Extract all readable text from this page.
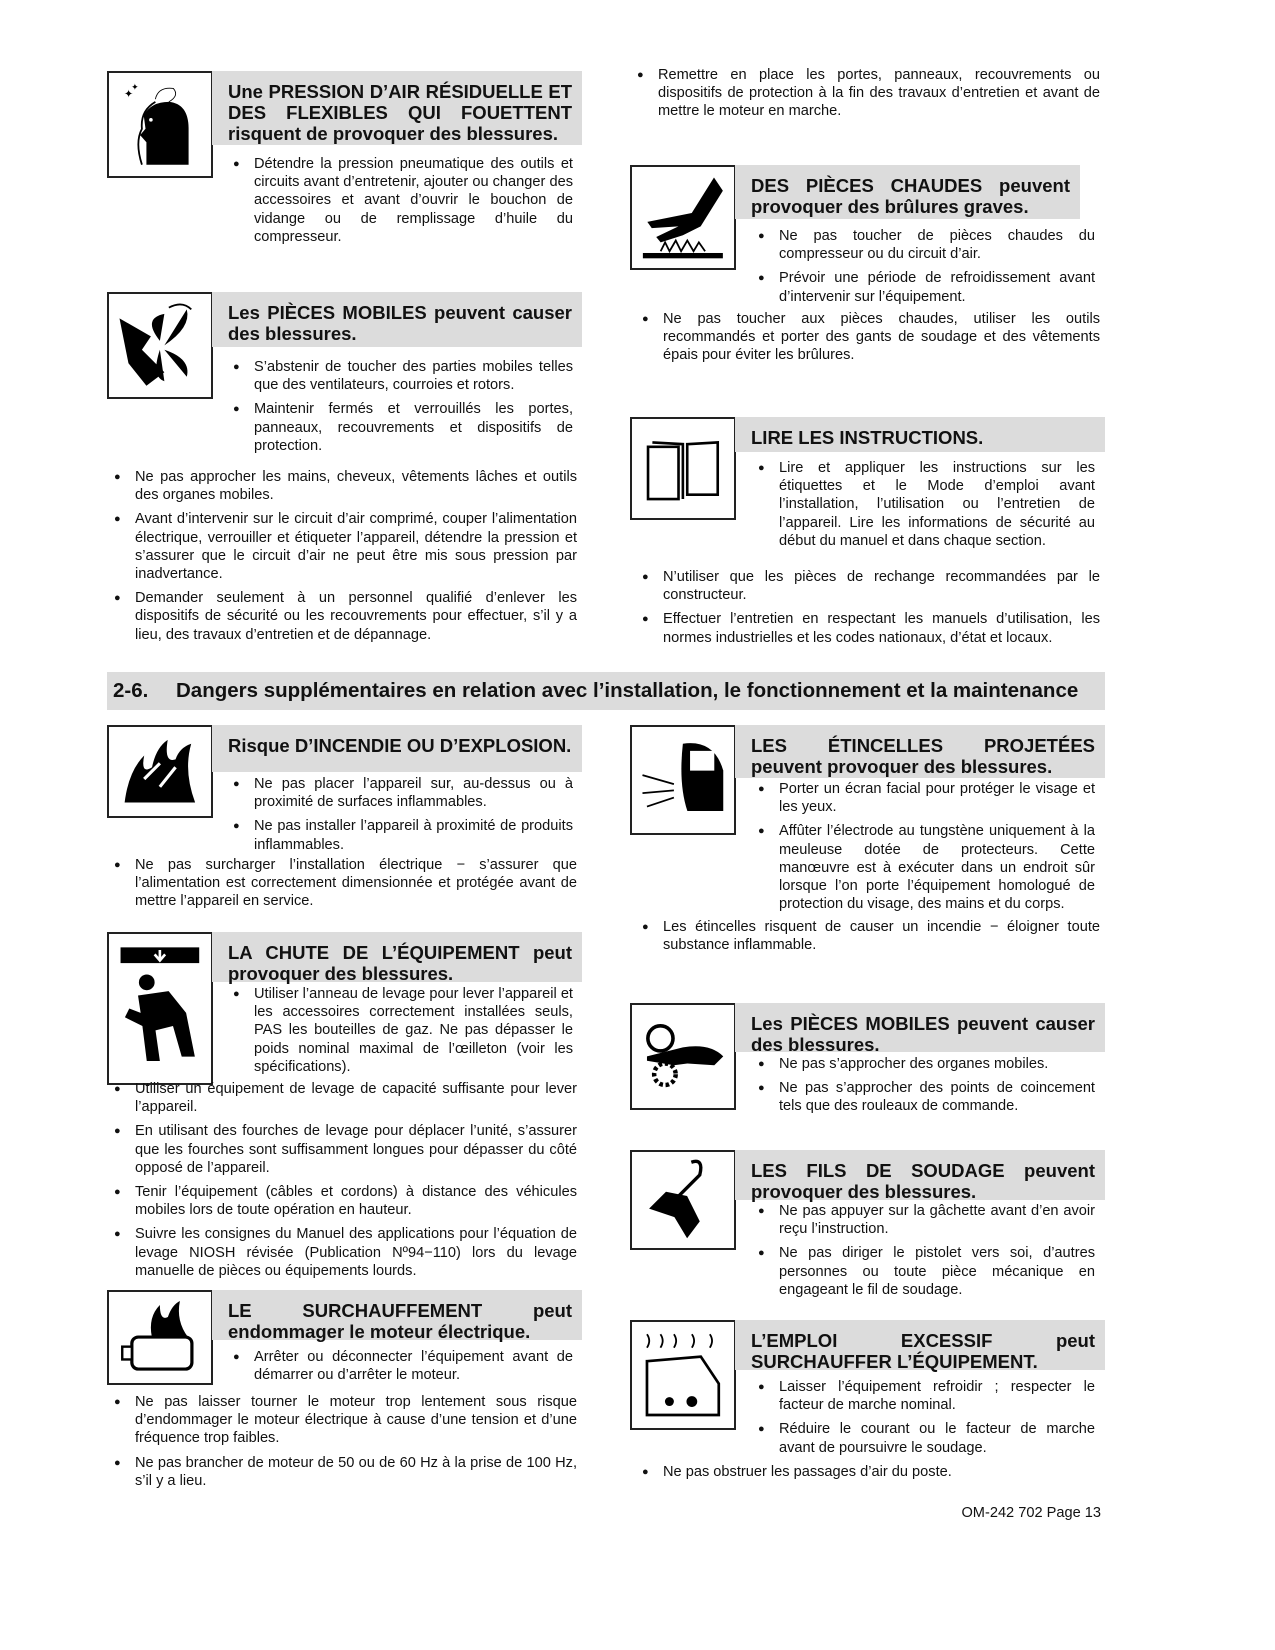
● Remettre en place les portes, panneaux, recouvrements ou dispositifs de protection à la fin des travaux d’entretien et avant de mettre le moteur en marche.
2-6. Dangers supplémentaires en relation avec l’installation, le fonctionnement et la maintenance
OM-242 702 Page 13
✦
✦	Une PRESSION D’AIR RÉSIDUELLE ET DES FLEXIBLES QUI FOUETTENT risquent de provoquer des blessures.
● Détendre la pression pneumatique des outils et circuits avant d’entretenir, ajouter ou changer des accessoires et avant d’ouvrir le bouchon de vidange ou de remplissage d’huile du compresseur.
Les PIÈCES MOBILES peuvent causer des blessures.
● S’abstenir de toucher des parties mobiles telles que des ventilateurs, courroies et rotors.
● Maintenir fermés et verrouillés les portes, panneaux, recouvrements et dispositifs de protection.
● Ne pas approcher les mains, cheveux, vêtements lâches et outils des organes mobiles.
● Avant d’intervenir sur le circuit d’air comprimé, couper l’alimentation électrique, verrouiller et étiqueter l’appareil, détendre la pression et s’assurer que le circuit d’air ne peut être mis sous pression par inadvertance.
● Demander seulement à un personnel qualifié d’enlever les dispositifs de sécurité ou les recouvrements pour effectuer, s’il y a lieu, des travaux d’entretien et de dépannage.
Risque D’INCENDIE OU D’EXPLOSION.
● Ne pas placer l’appareil sur, au-dessus ou à proximité de surfaces inflammables.
● Ne pas installer l’appareil à proximité de produits inflammables.
● Ne pas surcharger l’installation électrique − s’assurer que l’alimentation est correctement dimensionnée et protégée avant de mettre l’appareil en service.
LA CHUTE DE L’ÉQUIPEMENT peut provoquer des blessures.
● Utiliser l’anneau de levage pour lever l’appareil et les accessoires correctement installées seuls, PAS les bouteilles de gaz. Ne pas dépasser le poids nominal maximal de l’œilleton (voir les spécifications).
● Utiliser un équipement de levage de capacité suffisante pour lever l’appareil.
● En utilisant des fourches de levage pour déplacer l’unité, s’assurer que les fourches sont suffisamment longues pour dépasser du côté opposé de l’appareil.
● Tenir l’équipement (câbles et cordons) à distance des véhicules mobiles lors de toute opération en hauteur.
● Suivre les consignes du Manuel des applications pour l’équation de levage NIOSH révisée (Publication Nº94−110) lors du levage manuelle de pièces ou équipements lourds.
LE SURCHAUFFEMENT peut endommager le moteur électrique.
● Arrêter ou déconnecter l’équipement avant de démarrer ou d’arrêter le moteur.
● Ne pas laisser tourner le moteur trop lentement sous risque d’endommager le moteur électrique à cause d’une tension et d’une fréquence trop faibles.
● Ne pas brancher de moteur de 50 ou de 60 Hz à la prise de 100 Hz, s’il y a lieu.
DES PIÈCES CHAUDES peuvent provoquer des brûlures graves.
● Ne pas toucher de pièces chaudes du compresseur ou du circuit d’air.
● Prévoir une période de refroidissement avant d’intervenir sur l’équipement.
● Ne pas toucher aux pièces chaudes, utiliser les outils recommandés et porter des gants de soudage et des vêtements épais pour éviter les brûlures.
LIRE LES INSTRUCTIONS.
● Lire et appliquer les instructions sur les étiquettes et le Mode d’emploi avant l’installation, l’utilisation ou l’entretien de l’appareil. Lire les informations de sécurité au début du manuel et dans chaque section.
● N’utiliser que les pièces de rechange recommandées par le constructeur.
● Effectuer l’entretien en respectant les manuels d’utilisation, les normes industrielles et les codes nationaux, d’état et locaux.
LES ÉTINCELLES PROJETÉES peuvent provoquer des blessures.
● Porter un écran facial pour protéger le visage et les yeux.
● Affûter l’électrode au tungstène uniquement à la meuleuse dotée de protecteurs. Cette manœuvre est à exécuter dans un endroit sûr lorsque l’on porte l’équipement homologué de protection du visage, des mains et du corps.
● Les étincelles risquent de causer un incendie − éloigner toute substance inflammable.
Les PIÈCES MOBILES peuvent causer des blessures.
● Ne pas s’approcher des organes mobiles.
● Ne pas s’approcher des points de coincement tels que des rouleaux de commande.
LES FILS DE SOUDAGE peuvent provoquer des blessures.
● Ne pas appuyer sur la gâchette avant d’en avoir reçu l’instruction.
● Ne pas diriger le pistolet vers soi, d’autres personnes ou toute pièce mécanique en engageant le fil de soudage.
L’EMPLOI EXCESSIF peut SURCHAUFFER L’ÉQUIPEMENT.
● Laisser l’équipement refroidir ; respecter le facteur de marche nominal.
● Réduire le courant ou le facteur de marche avant de poursuivre le soudage.
● Ne pas obstruer les passages d’air du poste.
